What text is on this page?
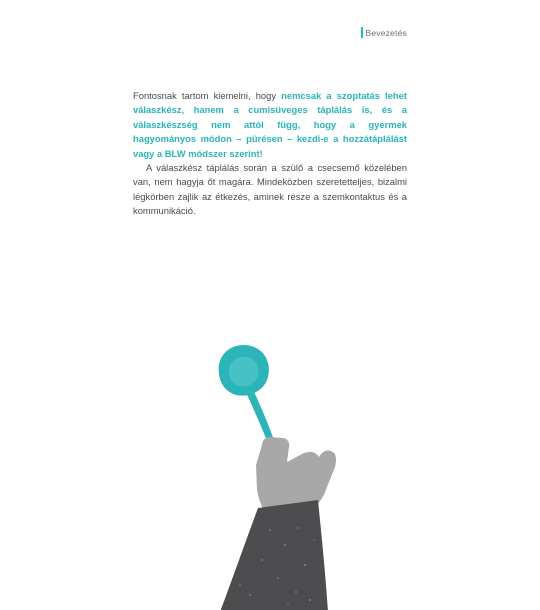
Bevezetés

Fontosnak tartom kiemelni, hogy nemcsak a szoptatás lehet válaszkész, hanem a cumisüveges táplálás is, és a válaszkészség nem attól függ, hogy a gyermek hagyományos módon – pürésen – kezdi-e a hozzátáplálást vagy a BLW módszer szerint!

A válaszkész táplálás során a szülő a csecsemő közelében van, nem hagyja őt magára. Mindeközben szeretetteljes, bizalmi légkörben zajlik az étkezés, aminek része a szemkontaktus és a kommunikáció.
